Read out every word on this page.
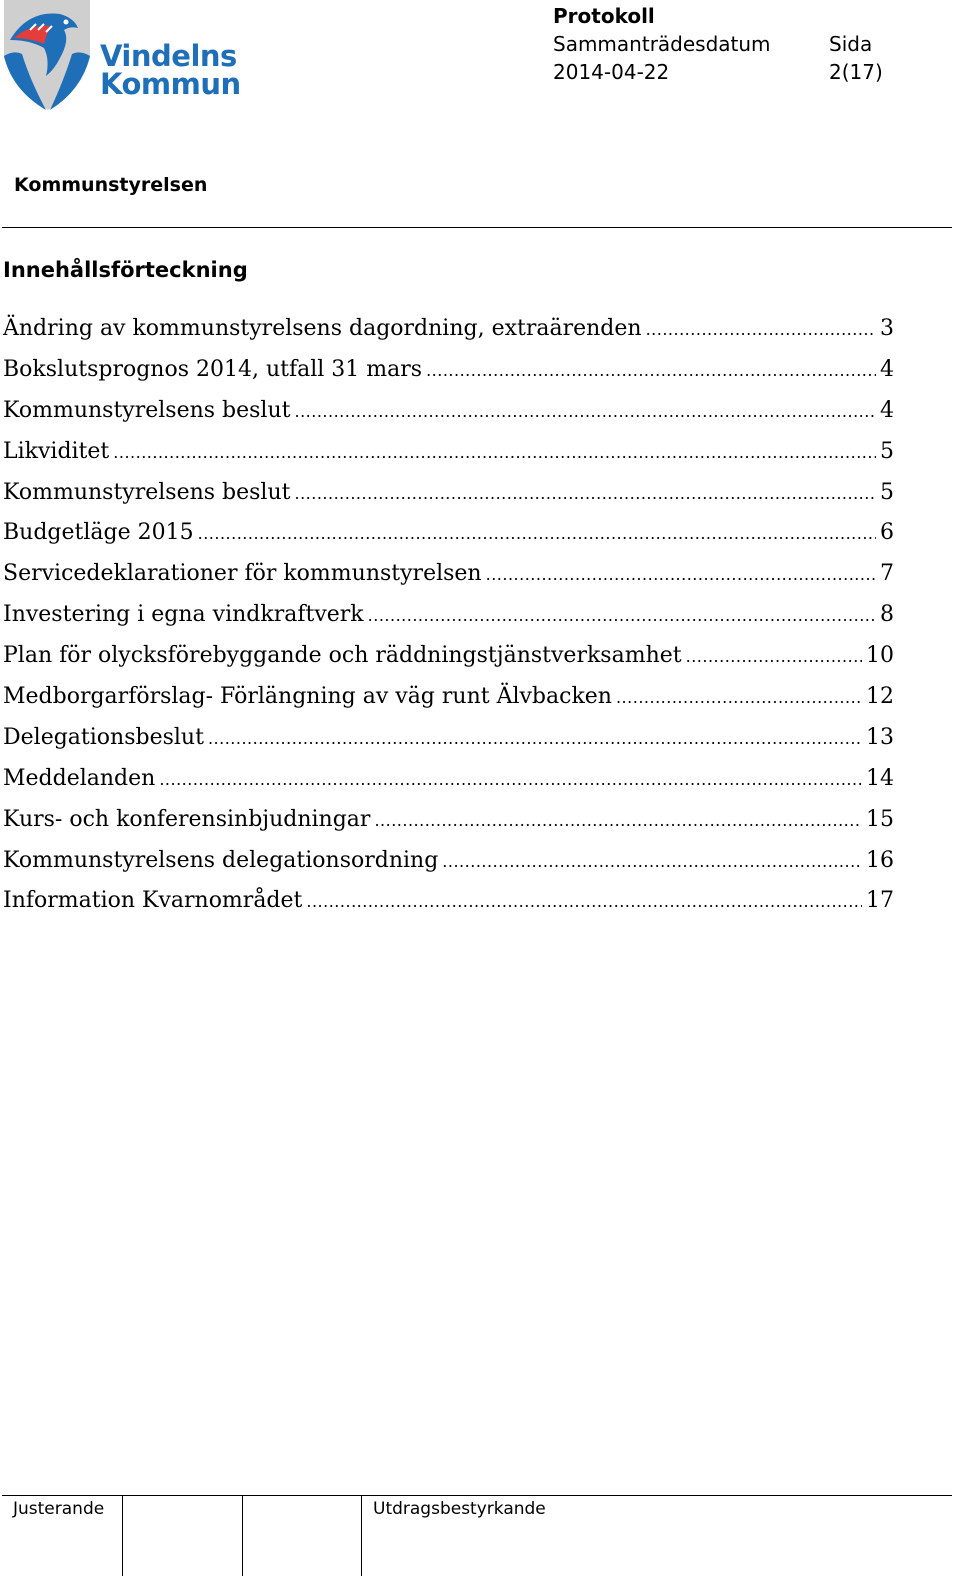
Vindelns
Kommun
Protokoll
Sammanträdesdatum
2014-04-22
Sida
2(17)
Kommunstyrelsen
Innehållsförteckning
Ändring av kommunstyrelsens dagordning, extraärenden .....	3
Bokslutsprognos 2014, utfall 31 mars .....	4
Kommunstyrelsens beslut .....	4
Likviditet .....	5
Kommunstyrelsens beslut .....	5
Budgetläge 2015 .....	6
Servicedeklarationer för kommunstyrelsen .....	7
Investering i egna vindkraftverk .....	8
Plan för olycksförebyggande och räddningstjänstverksamhet .....	10
Medborgarförslag- Förlängning av väg runt Älvbacken .....	12
Delegationsbeslut .....	13
Meddelanden .....	14
Kurs- och konferensinbjudningar .....	15
Kommunstyrelsens delegationsordning .....	16
Information Kvarnområdet .....	17
Justerande	Utdragsbestyrkande
